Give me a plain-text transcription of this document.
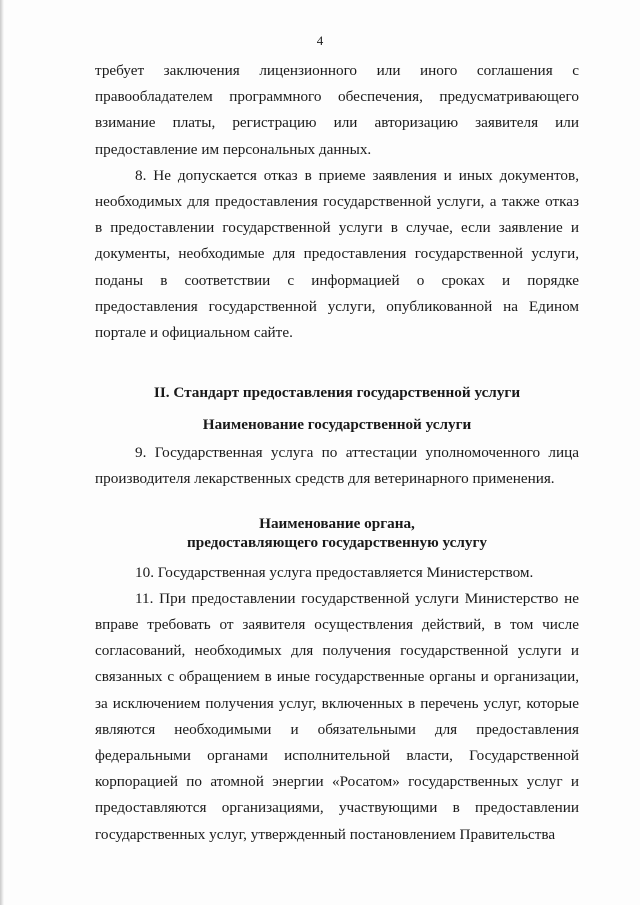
4

требует заключения лицензионного или иного соглашения с правообладателем программного обеспечения, предусматривающего взимание платы, регистрацию или авторизацию заявителя или предоставление им персональных данных.

8. Не допускается отказ в приеме заявления и иных документов, необходимых для предоставления государственной услуги, а также отказ в предоставлении государственной услуги в случае, если заявление и документы, необходимые для предоставления государственной услуги, поданы в соответствии с информацией о сроках и порядке предоставления государственной услуги, опубликованной на Едином портале и официальном сайте.

II. Стандарт предоставления государственной услуги
Наименование государственной услуги

9. Государственная услуга по аттестации уполномоченного лица производителя лекарственных средств для ветеринарного применения.

Наименование органа,
предоставляющего государственную услугу

10. Государственная услуга предоставляется Министерством.

11. При предоставлении государственной услуги Министерство не вправе требовать от заявителя осуществления действий, в том числе согласований, необходимых для получения государственной услуги и связанных с обращением в иные государственные органы и организации, за исключением получения услуг, включенных в перечень услуг, которые являются необходимыми и обязательными для предоставления федеральными органами исполнительной власти, Государственной корпорацией по атомной энергии «Росатом» государственных услуг и предоставляются организациями, участвующими в предоставлении государственных услуг, утвержденный постановлением Правительства
